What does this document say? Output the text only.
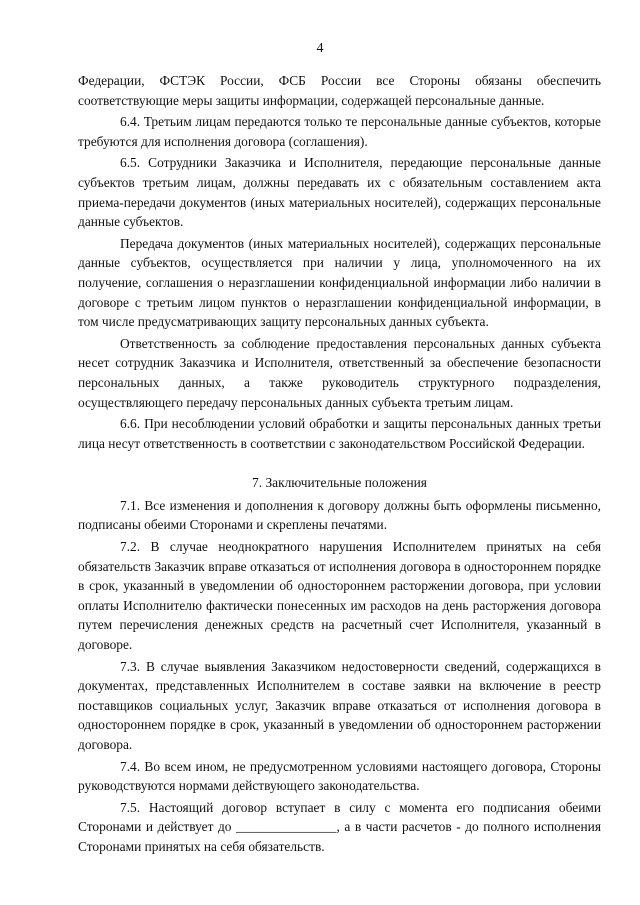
4

Федерации, ФСТЭК России, ФСБ России все Стороны обязаны обеспечить соответствующие меры защиты информации, содержащей персональные данные.

6.4. Третьим лицам передаются только те персональные данные субъектов, которые требуются для исполнения договора (соглашения).

6.5. Сотрудники Заказчика и Исполнителя, передающие персональные данные субъектов третьим лицам, должны передавать их с обязательным составлением акта приема-передачи документов (иных материальных носителей), содержащих персональные данные субъектов.

Передача документов (иных материальных носителей), содержащих персональные данные субъектов, осуществляется при наличии у лица, уполномоченного на их получение, соглашения о неразглашении конфиденциальной информации либо наличии в договоре с третьим лицом пунктов о неразглашении конфиденциальной информации, в том числе предусматривающих защиту персональных данных субъекта.

Ответственность за соблюдение предоставления персональных данных субъекта несет сотрудник Заказчика и Исполнителя, ответственный за обеспечение безопасности персональных данных, а также руководитель структурного подразделения, осуществляющего передачу персональных данных субъекта третьим лицам.

6.6. При несоблюдении условий обработки и защиты персональных данных третьи лица несут ответственность в соответствии с законодательством Российской Федерации.

7. Заключительные положения

7.1. Все изменения и дополнения к договору должны быть оформлены письменно, подписаны обеими Сторонами и скреплены печатями.

7.2. В случае неоднократного нарушения Исполнителем принятых на себя обязательств Заказчик вправе отказаться от исполнения договора в одностороннем порядке в срок, указанный в уведомлении об одностороннем расторжении договора, при условии оплаты Исполнителю фактически понесенных им расходов на день расторжения договора путем перечисления денежных средств на расчетный счет Исполнителя, указанный в договоре.

7.3. В случае выявления Заказчиком недостоверности сведений, содержащихся в документах, представленных Исполнителем в составе заявки на включение в реестр поставщиков социальных услуг, Заказчик вправе отказаться от исполнения договора в одностороннем порядке в срок, указанный в уведомлении об одностороннем расторжении договора.

7.4. Во всем ином, не предусмотренном условиями настоящего договора, Стороны руководствуются нормами действующего законодательства.

7.5. Настоящий договор вступает в силу с момента его подписания обеими Сторонами и действует до _______________, а в части расчетов - до полного исполнения Сторонами принятых на себя обязательств.
